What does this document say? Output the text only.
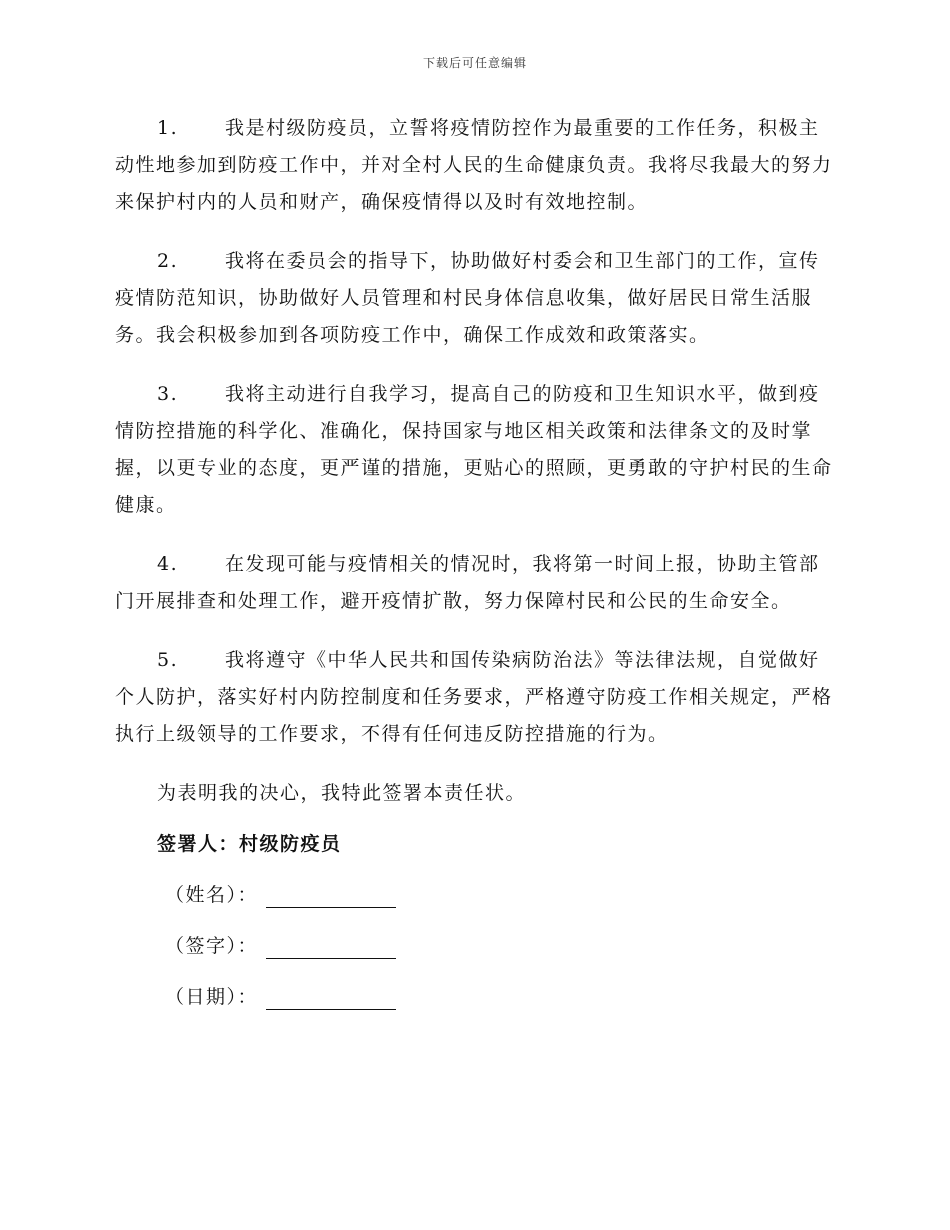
下载后可任意编辑

1. 我是村级防疫员，立誓将疫情防控作为最重要的工作任务，积极主动性地参加到防疫工作中，并对全村人民的生命健康负责。我将尽我最大的努力来保护村内的人员和财产，确保疫情得以及时有效地控制。

2. 我将在委员会的指导下，协助做好村委会和卫生部门的工作，宣传疫情防范知识，协助做好人员管理和村民身体信息收集，做好居民日常生活服务。我会积极参加到各项防疫工作中，确保工作成效和政策落实。

3. 我将主动进行自我学习，提高自己的防疫和卫生知识水平，做到疫情防控措施的科学化、准确化，保持国家与地区相关政策和法律条文的及时掌握，以更专业的态度，更严谨的措施，更贴心的照顾，更勇敢的守护村民的生命健康。

4. 在发现可能与疫情相关的情况时，我将第一时间上报，协助主管部门开展排查和处理工作，避开疫情扩散，努力保障村民和公民的生命安全。

5. 我将遵守《中华人民共和国传染病防治法》等法律法规，自觉做好个人防护，落实好村内防控制度和任务要求，严格遵守防疫工作相关规定，严格执行上级领导的工作要求，不得有任何违反防控措施的行为。

为表明我的决心，我特此签署本责任状。

签署人：村级防疫员

（姓名）：
（签字）：
（日期）：
